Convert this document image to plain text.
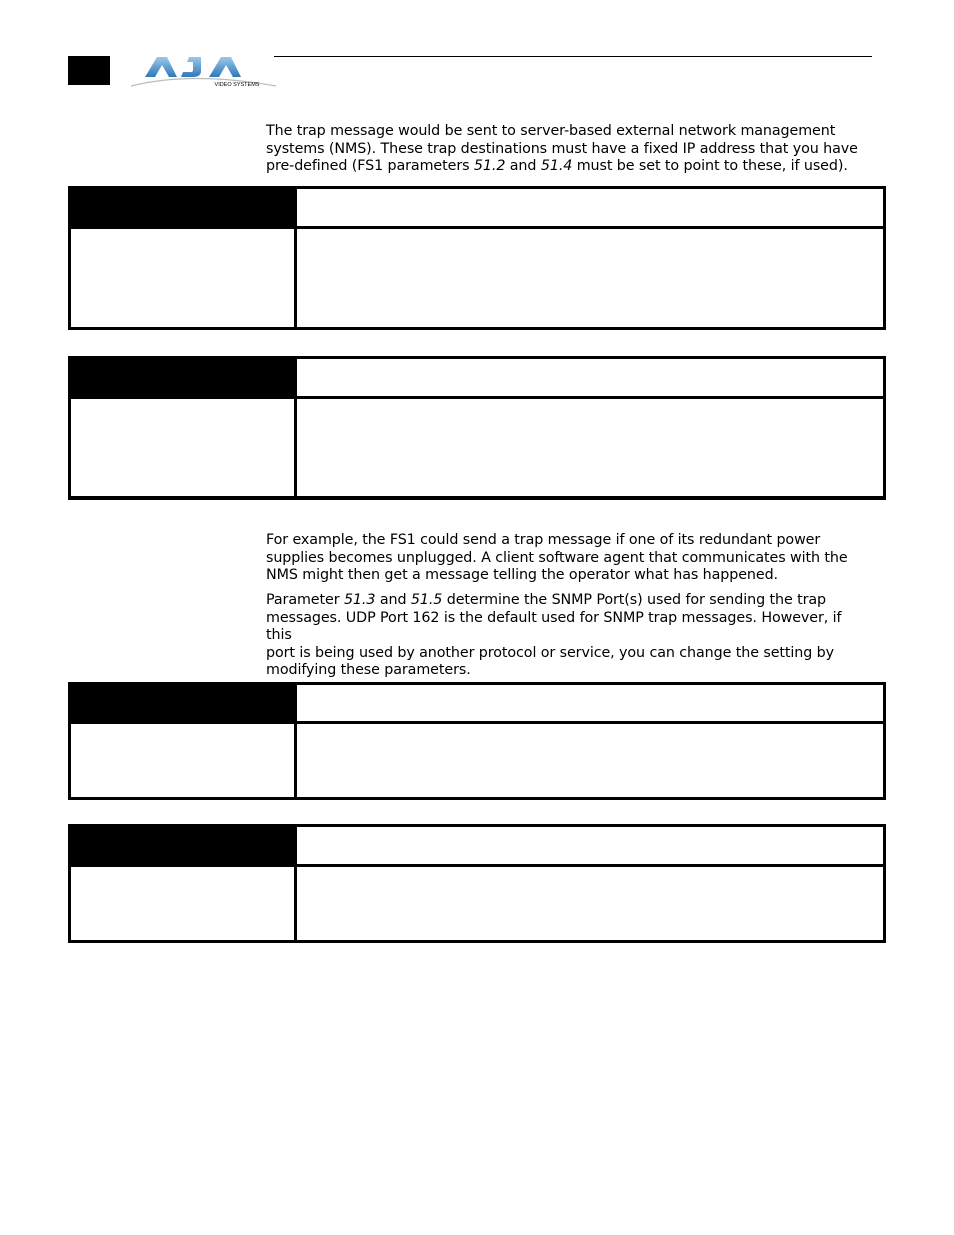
VIDEO SYSTEMS

The trap message would be sent to server-based external network management
systems (NMS). These trap destinations must have a fixed IP address that you have
pre-defined (FS1 parameters 51.2 and 51.4 must be set to point to these, if used).

For example, the FS1 could send a trap message if one of its redundant power
supplies becomes unplugged. A client software agent that communicates with the
NMS might then get a message telling the operator what has happened.

Parameter 51.3 and 51.5 determine the SNMP Port(s) used for sending the trap
messages. UDP Port 162 is the default used for SNMP trap messages. However, if this
port is being used by another protocol or service, you can change the setting by
modifying these parameters.
